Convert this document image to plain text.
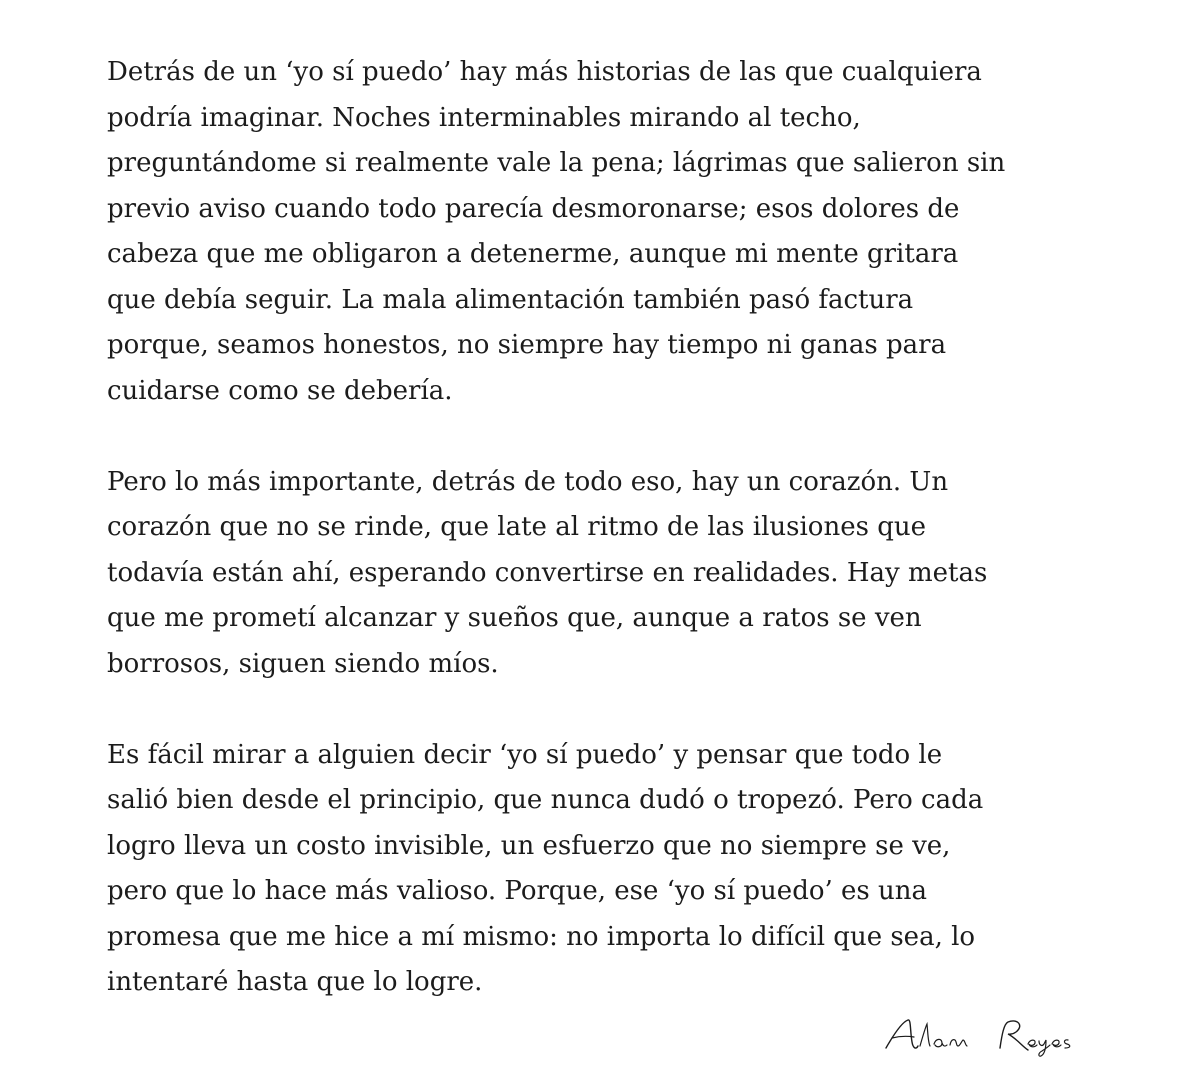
Detrás de un ‘yo sí puedo’ hay más historias de las que cualquiera
podría imaginar. Noches interminables mirando al techo,
preguntándome si realmente vale la pena; lágrimas que salieron sin
previo aviso cuando todo parecía desmoronarse; esos dolores de
cabeza que me obligaron a detenerme, aunque mi mente gritara
que debía seguir. La mala alimentación también pasó factura
porque, seamos honestos, no siempre hay tiempo ni ganas para
cuidarse como se debería.
Pero lo más importante, detrás de todo eso, hay un corazón. Un
corazón que no se rinde, que late al ritmo de las ilusiones que
todavía están ahí, esperando convertirse en realidades. Hay metas
que me prometí alcanzar y sueños que, aunque a ratos se ven
borrosos, siguen siendo míos.
Es fácil mirar a alguien decir ‘yo sí puedo’ y pensar que todo le
salió bien desde el principio, que nunca dudó o tropezó. Pero cada
logro lleva un costo invisible, un esfuerzo que no siempre se ve,
pero que lo hace más valioso. Porque, ese ‘yo sí puedo’ es una
promesa que me hice a mí mismo: no importa lo difícil que sea, lo
intentaré hasta que lo logre.
